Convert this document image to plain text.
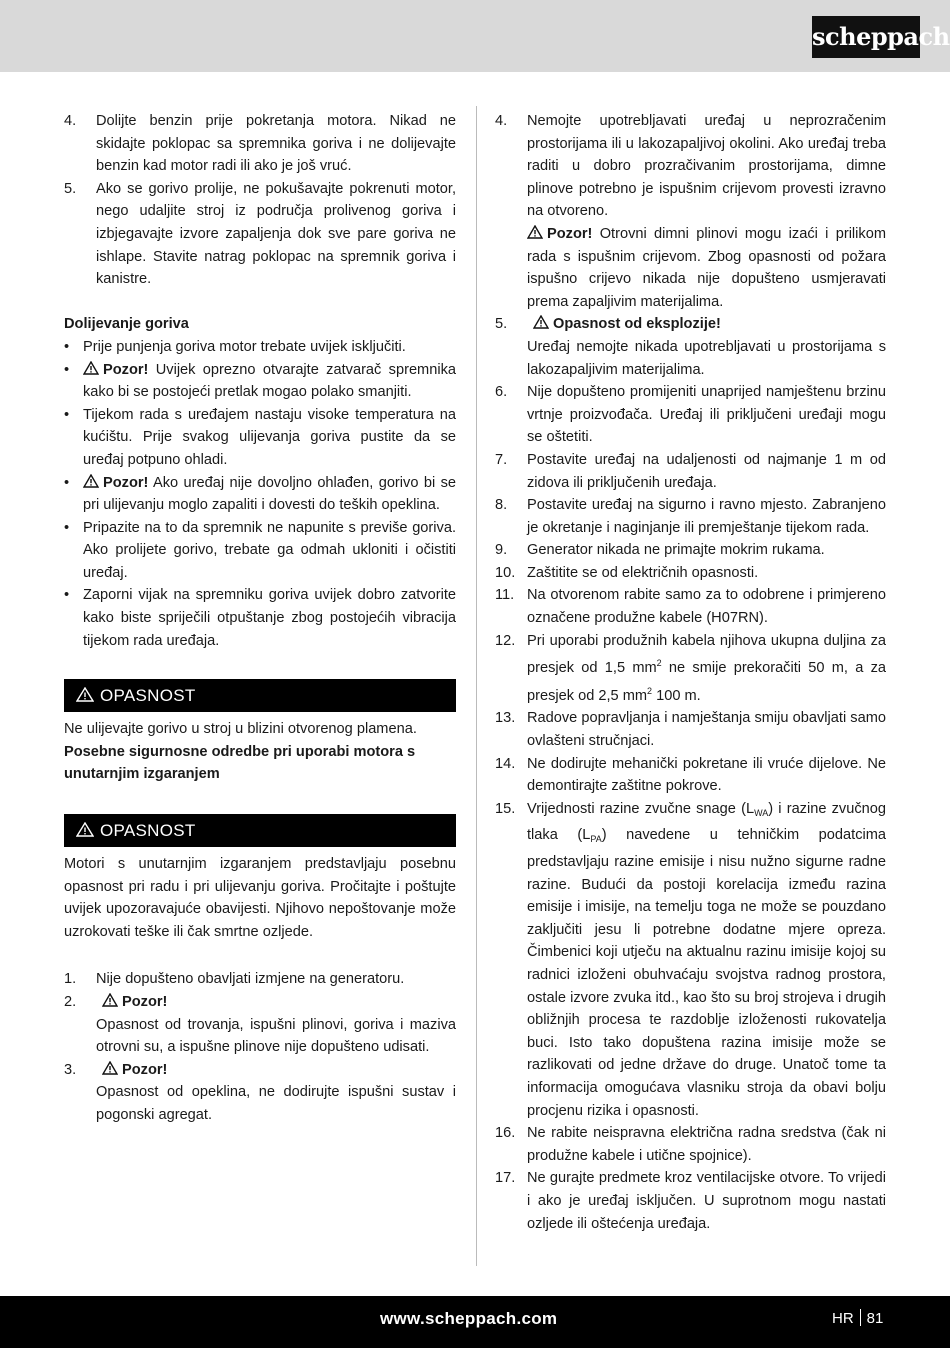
scheppach
4. Dolijte benzin prije pokretanja motora. Nikad ne skidajte poklopac sa spremnika goriva i ne dolijevajte benzin kad motor radi ili ako je još vruć.
5. Ako se gorivo prolije, ne pokušavajte pokrenuti motor, nego udaljite stroj iz područja prolivenog goriva i izbjegavajte izvore zapaljenja dok sve pare goriva ne ishlape. Stavite natrag poklopac na spremnik goriva i kanistre.
Dolijevanje goriva
• Prije punjenja goriva motor trebate uvijek isključiti.
• Pozor! Uvijek oprezno otvarajte zatvarač spremnika kako bi se postojeći pretlak mogao polako smanjiti.
• Tijekom rada s uređajem nastaju visoke temperatura na kućištu. Prije svakog ulijevanja goriva pustite da se uređaj potpuno ohladi.
• Pozor! Ako uređaj nije dovoljno ohlađen, gorivo bi se pri ulijevanju moglo zapaliti i dovesti do teških opeklina.
• Pripazite na to da spremnik ne napunite s previše goriva. Ako prolijete gorivo, trebate ga odmah ukloniti i očistiti uređaj.
• Zaporni vijak na spremniku goriva uvijek dobro zatvorite kako biste spriječili otpuštanje zbog postojećih vibracija tijekom rada uređaja.
OPASNOST
Ne ulijevajte gorivo u stroj u blizini otvorenog plamena.
Posebne sigurnosne odredbe pri uporabi motora s unutarnjim izgaranjem
OPASNOST
Motori s unutarnjim izgaranjem predstavljaju posebnu opasnost pri radu i pri ulijevanju goriva. Pročitajte i poštujte uvijek upozoravajuće obavijesti. Njihovo nepoštovanje može uzrokovati teške ili čak smrtne ozljede.
1. Nije dopušteno obavljati izmjene na generatoru.
2.	Pozor!
Opasnost od trovanja, ispušni plinovi, goriva i maziva otrovni su, a ispušne plinove nije dopušteno udisati.
3.	Pozor!
Opasnost od opeklina, ne dodirujte ispušni sustav i pogonski agregat.
4. Nemojte upotrebljavati uređaj u neprozračenim prostorijama ili u lakozapaljivoj okolini. Ako uređaj treba raditi u dobro prozračivanim prostorijama, dimne plinove potrebno je ispušnim crijevom provesti izravno na otvoreno.
Pozor! Otrovni dimni plinovi mogu izaći i prilikom rada s ispušnim crijevom. Zbog opasnosti od požara ispušno crijevo nikada nije dopušteno usmjeravati prema zapaljivim materijalima.
5.	Opasnost od eksplozije!
Uređaj nemojte nikada upotrebljavati u prostorijama s lakozapaljivim materijalima.
6. Nije dopušteno promijeniti unaprijed namještenu brzinu vrtnje proizvođača. Uređaj ili priključeni uređaji mogu se oštetiti.
7. Postavite uređaj na udaljenosti od najmanje 1 m od zidova ili priključenih uređaja.
8. Postavite uređaj na sigurno i ravno mjesto. Zabranjeno je okretanje i naginjanje ili premještanje tijekom rada.
9. Generator nikada ne primajte mokrim rukama.
10. Zaštitite se od električnih opasnosti.
11. Na otvorenom rabite samo za to odobrene i primjereno označene produžne kabele (H07RN).
12. Pri uporabi produžnih kabela njihova ukupna duljina za presjek od 1,5 $mm^2$ ne smije prekoračiti 50 m, a za presjek od 2,5 $mm^2$ 100 m.
13. Radove popravljanja i namještanja smiju obavljati samo ovlašteni stručnjaci.
14. Ne dodirujte mehanički pokretane ili vruće dijelove. Ne demontirajte zaštitne pokrove.
15. Vrijednosti razine zvučne snage $(L_{WA})$ i razine zvučnog tlaka $(L_{PA})$ navedene u tehničkim podatcima predstavljaju razine emisije i nisu nužno sigurne radne razine. Budući da postoji korelacija između razina emisije i imisije, na temelju toga ne može se pouzdano zaključiti jesu li potrebne dodatne mjere opreza. Čimbenici koji utječu na aktualnu razinu imisije kojoj su radnici izloženi obuhvaćaju svojstva radnog prostora, ostale izvore zvuka itd., kao što su broj strojeva i drugih obližnjih procesa te razdoblje izloženosti rukovatelja buci. Isto tako dopuštena razina imisije može se razlikovati od jedne države do druge. Unatoč tome ta informacija omogućava vlasniku stroja da obavi bolju procjenu rizika i opasnosti.
16. Ne rabite neispravna električna radna sredstva (čak ni produžne kabele i utične spojnice).
17. Ne gurajte predmete kroz ventilacijske otvore. To vrijedi i ako je uređaj isključen. U suprotnom mogu nastati ozljede ili oštećenja uređaja.
www.scheppach.com	HR 81
